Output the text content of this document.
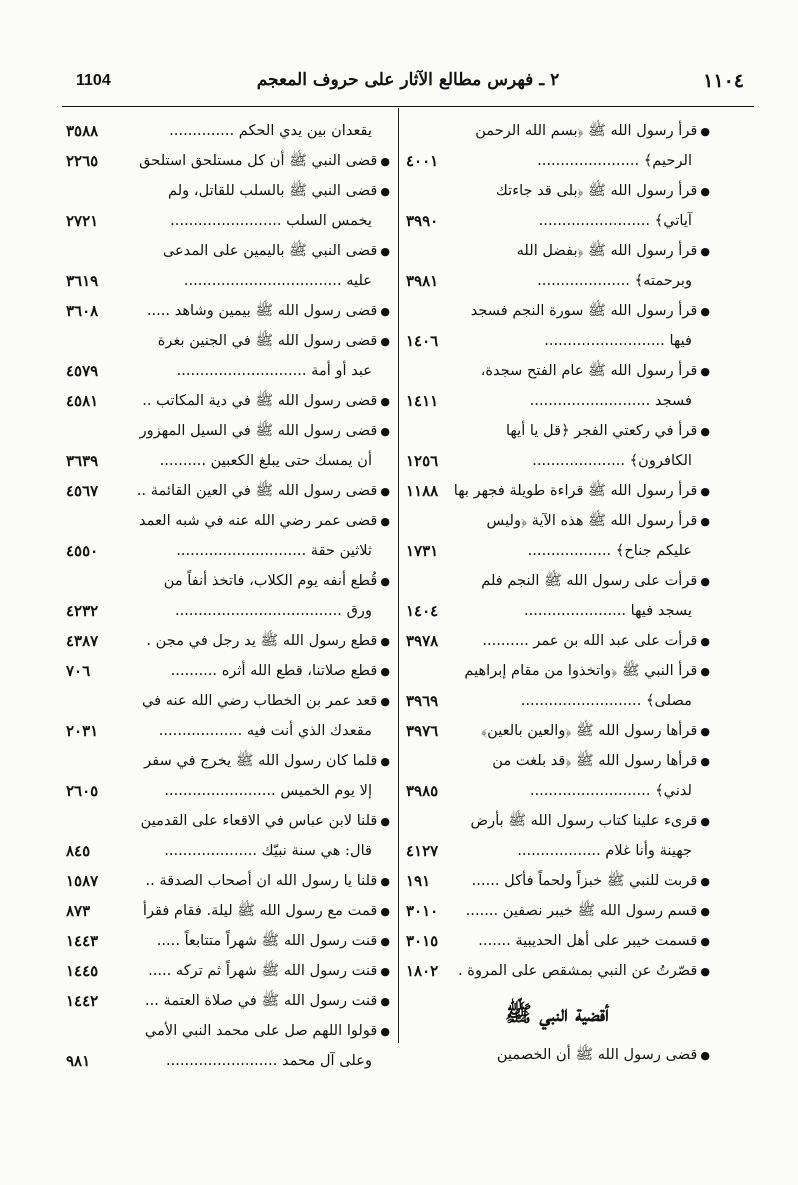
1104	٢ ـ فهرس مطالع الآثار على حروف المعجم	١١٠٤
●قرأ رسول الله ﷺ ﴿بسم الله الرحمن
الرحيم﴾ ......................
٤٠٠١
●قرأ رسول الله ﷺ ﴿بلى قد جاءتك
آياتي﴾ ........................
٣٩٩٠
●قرأ رسول الله ﷺ ﴿بفضل الله
وبرحمته﴾ ....................
٣٩٨١
●قرأ رسول الله ﷺ سورة النجم فسجد
فيها ..........................
١٤٠٦
●قرأ رسول الله ﷺ عام الفتح سجدة،
فسجد ..........................
١٤١١
●قرأ في ركعتي الفجر ﴿قل يا أيها
الكافرون﴾ ....................
١٢٥٦
●قرأ رسول الله ﷺ قراءة طويلة فجهر بها
١١٨٨
●قرأ رسول الله ﷺ هذه الآية ﴿وليس
عليكم جناح﴾ ..................
١٧٣١
●قرأت على رسول الله ﷺ النجم فلم
يسجد فيها ......................
١٤٠٤
●قرأت على عبد الله بن عمر ..........
٣٩٧٨
●قرأ النبي ﷺ ﴿واتخذوا من مقام إبراهيم
مصلى﴾ ..........................
٣٩٦٩
●قرأها رسول الله ﷺ ﴿والعين بالعين﴾
٣٩٧٦
●قرأها رسول الله ﷺ ﴿قد بلغت من
لدني﴾ ..........................
٣٩٨٥
●قرىء علينا كتاب رسول الله ﷺ بأرض
جهينة وأنا غلام ..................
٤١٢٧
●قربت للنبي ﷺ خبزاً ولحماً فأكل ......
١٩١
●قسم رسول الله ﷺ خيبر نصفين .......
٣٠١٠
●قسمت خيبر على أهل الحديبية .......
٣٠١٥
●قصّرتُ عن النبي بمشقص على المروة .
١٨٠٢
أقضية النبي ﷺ
●قضى رسول الله ﷺ أن الخصمين
يقعدان بين يدي الحكم ..............
٣٥٨٨
●قضى النبي ﷺ أن كل مستلحق استلحق
٢٢٦٥
●قضى النبي ﷺ بالسلب للقاتل، ولم
يخمس السلب ........................
٢٧٢١
●قضى النبي ﷺ باليمين على المدعى
عليه ..................................
٣٦١٩
●قضى رسول الله ﷺ بيمين وشاهد .....
٣٦٠٨
●قضى رسول الله ﷺ في الجنين بغرة
عبد أو أمة ............................
٤٥٧٩
●قضى رسول الله ﷺ في دية المكاتب ..
٤٥٨١
●قضى رسول الله ﷺ في السيل المهزور
أن يمسك حتى يبلغ الكعبين ..........
٣٦٣٩
●قضى رسول الله ﷺ في العين القائمة ..
٤٥٦٧
●قضى عمر رضي الله عنه في شبه العمد
ثلاثين حقة ............................
٤٥٥٠
●قُطع أنفه يوم الكلاب، فاتخذ أنفاً من
ورق ....................................
٤٢٣٢
●قطع رسول الله ﷺ يد رجل في مجن .
٤٣٨٧
●قطع صلاتنا، قطع الله أثره ..........
٧٠٦
●قعد عمر بن الخطاب رضي الله عنه في
مقعدك الذي أنت فيه ..................
٢٠٣١
●قلما كان رسول الله ﷺ يخرج في سفر
إلا يوم الخميس ........................
٢٦٠٥
●قلنا لابن عباس في الاقعاء على القدمين
قال: هي سنة نبيّك ....................
٨٤٥
●قلنا يا رسول الله ان أصحاب الصدقة ..
١٥٨٧
●قمت مع رسول الله ﷺ ليلة. فقام فقرأ
٨٧٣
●قنت رسول الله ﷺ شهراً متتابعاً .....
١٤٤٣
●قنت رسول الله ﷺ شهراً ثم تركه .....
١٤٤٥
●قنت رسول الله ﷺ في صلاة العتمة ...
١٤٤٢
●قولوا اللهم صل على محمد النبي الأمي
وعلى آل محمد ........................
٩٨١
